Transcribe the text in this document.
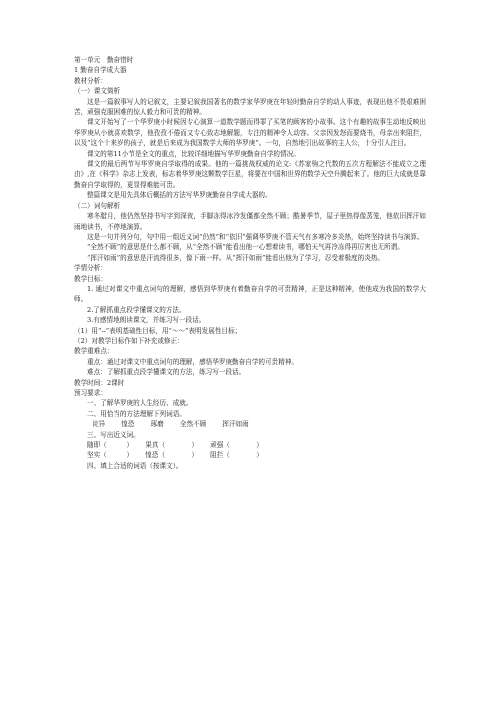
第一单元　勤奋惜时
1 勤奋自学成大器
教材分析：
（一）课文简析
这是一篇叙事写人的记叙文，主要记叙我国著名的数学家华罗庚在年轻时勤奋自学的动人事迹，表现出他不畏艰难困苦，顽强克服困难的惊人毅力和可贵的精神。
课文开始写了一个华罗庚小时候因专心演算一道数学题而得罪了买笔的顾客的小故事。这个有趣的故事生动地反映出华罗庚从小就喜欢数学，他孜孜不倦而又专心致志地解题，专注的精神令人动容。父亲因发怒而要烧书，母亲出来阻拦，以及“这个十来岁的孩子，就是后来成为我国数学大师的华罗庚”。一句，自然地引出故事的主人公，十分引人注目。
课文的第11小节是全文的重点，比较详细地描写华罗庚勤奋自学的情况。
课文的最后两节写华罗庚自学取得的成果。他的一篇挑战权威的论文:《苏家驹之代数的五次方程解法不能成立之理由》,在《科学》杂志上发表，标志着华罗庚这颗数学巨星，将要在中国和世界的数学天空升腾起来了。他的巨大成就是靠勤奋自学取得的，更显得难能可贵。
整篇课文是用先具体后概括的方法写华罗庚勤奋自学成大器的。
（二）词句解析
寒冬腊月，他仍然坚持书写字到深夜，手脚冻得冰冷发僵都全然不顾；酷暑季节，屋子里热得像蒸笼，他依旧挥汗如雨地读书，不停地演算。
这是一句并列分句，句中用一组近义词“仍然”和“依旧”强调华罗庚不管天气有多寒冷多炎热，始终坚持读书与演算。
“全然不顾”的意思是什么都不顾，从“全然不顾”能看出他一心想着读书，哪怕天气再冷冻得再厉害也无所谓。
“挥汗如雨”的意思是汗流得很多，像下雨一样。从“挥汗如雨”能看出他为了学习，忍受着极度的炎热。
学情分析：
教学目标：
1. 通过对课文中重点词句的理解，感悟到华罗庚有着勤奋自学的可贵精神，正是这种精神，使他成为我国的数学大师。
2.了解抓重点段学懂课文的方法。
3.有感情地朗读课文，并练习写一段话。
（1）用“--”表明基础性目标，用“～～”表明发展性目标；
（2）对教学目标作如下补充或修正：
教学重难点：
重点：通过对课文中重点词句的理解，感悟华罗庚勤奋自学的可贵精神。
难点：了解抓重点段学懂课文的方法，练习写一段话。
教学时间：2课时
预习要求：
一、了解华罗庚的人生经历、成就。
二、用恰当的方法理解下列词语。
诧异 惶恐 琢磨 全然不顾 挥汗如雨
三、写出近义词。
随即（　　　） 果真（　　　　） 顽强（　　　　）
坚实（　　　） 惶恐（　　　　） 阻拦（　　　　）
四、填上合适的词语（按课文）。
